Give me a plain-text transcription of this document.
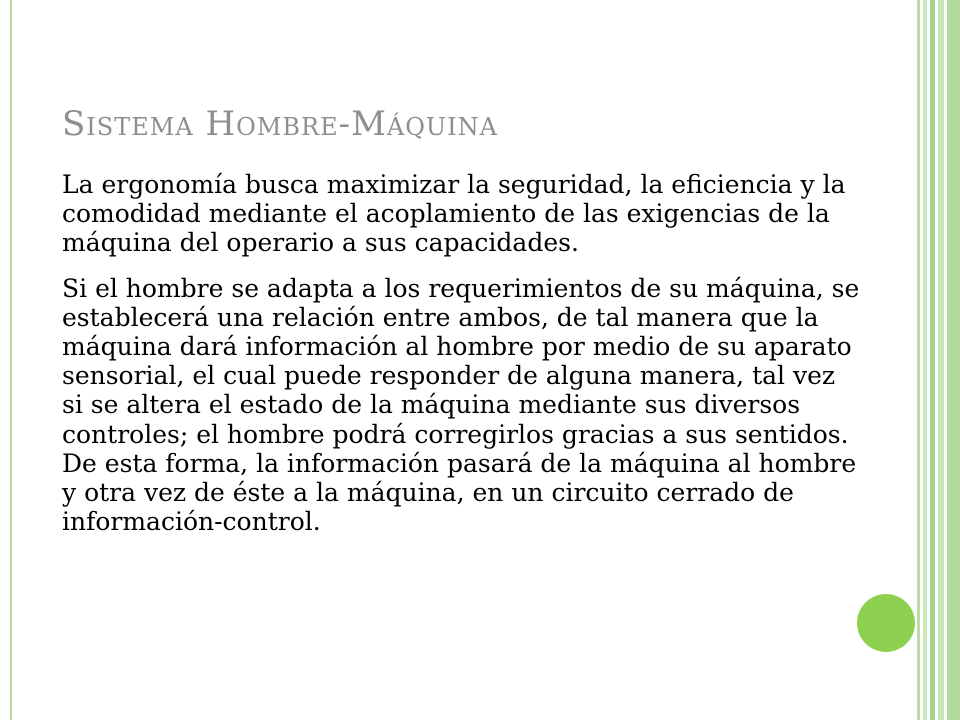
Sistema Hombre-Máquina

La ergonomía busca maximizar la seguridad, la eficiencia y la comodidad mediante el acoplamiento de las exigencias de la máquina del operario a sus capacidades.

Si el hombre se adapta a los requerimientos de su máquina, se establecerá una relación entre ambos, de tal manera que la máquina dará información al hombre por medio de su aparato sensorial, el cual puede responder de alguna manera, tal vez si se altera el estado de la máquina mediante sus diversos controles; el hombre podrá corregirlos gracias a sus sentidos. De esta forma, la información pasará de la máquina al hombre y otra vez de éste a la máquina, en un circuito cerrado de información-control.
